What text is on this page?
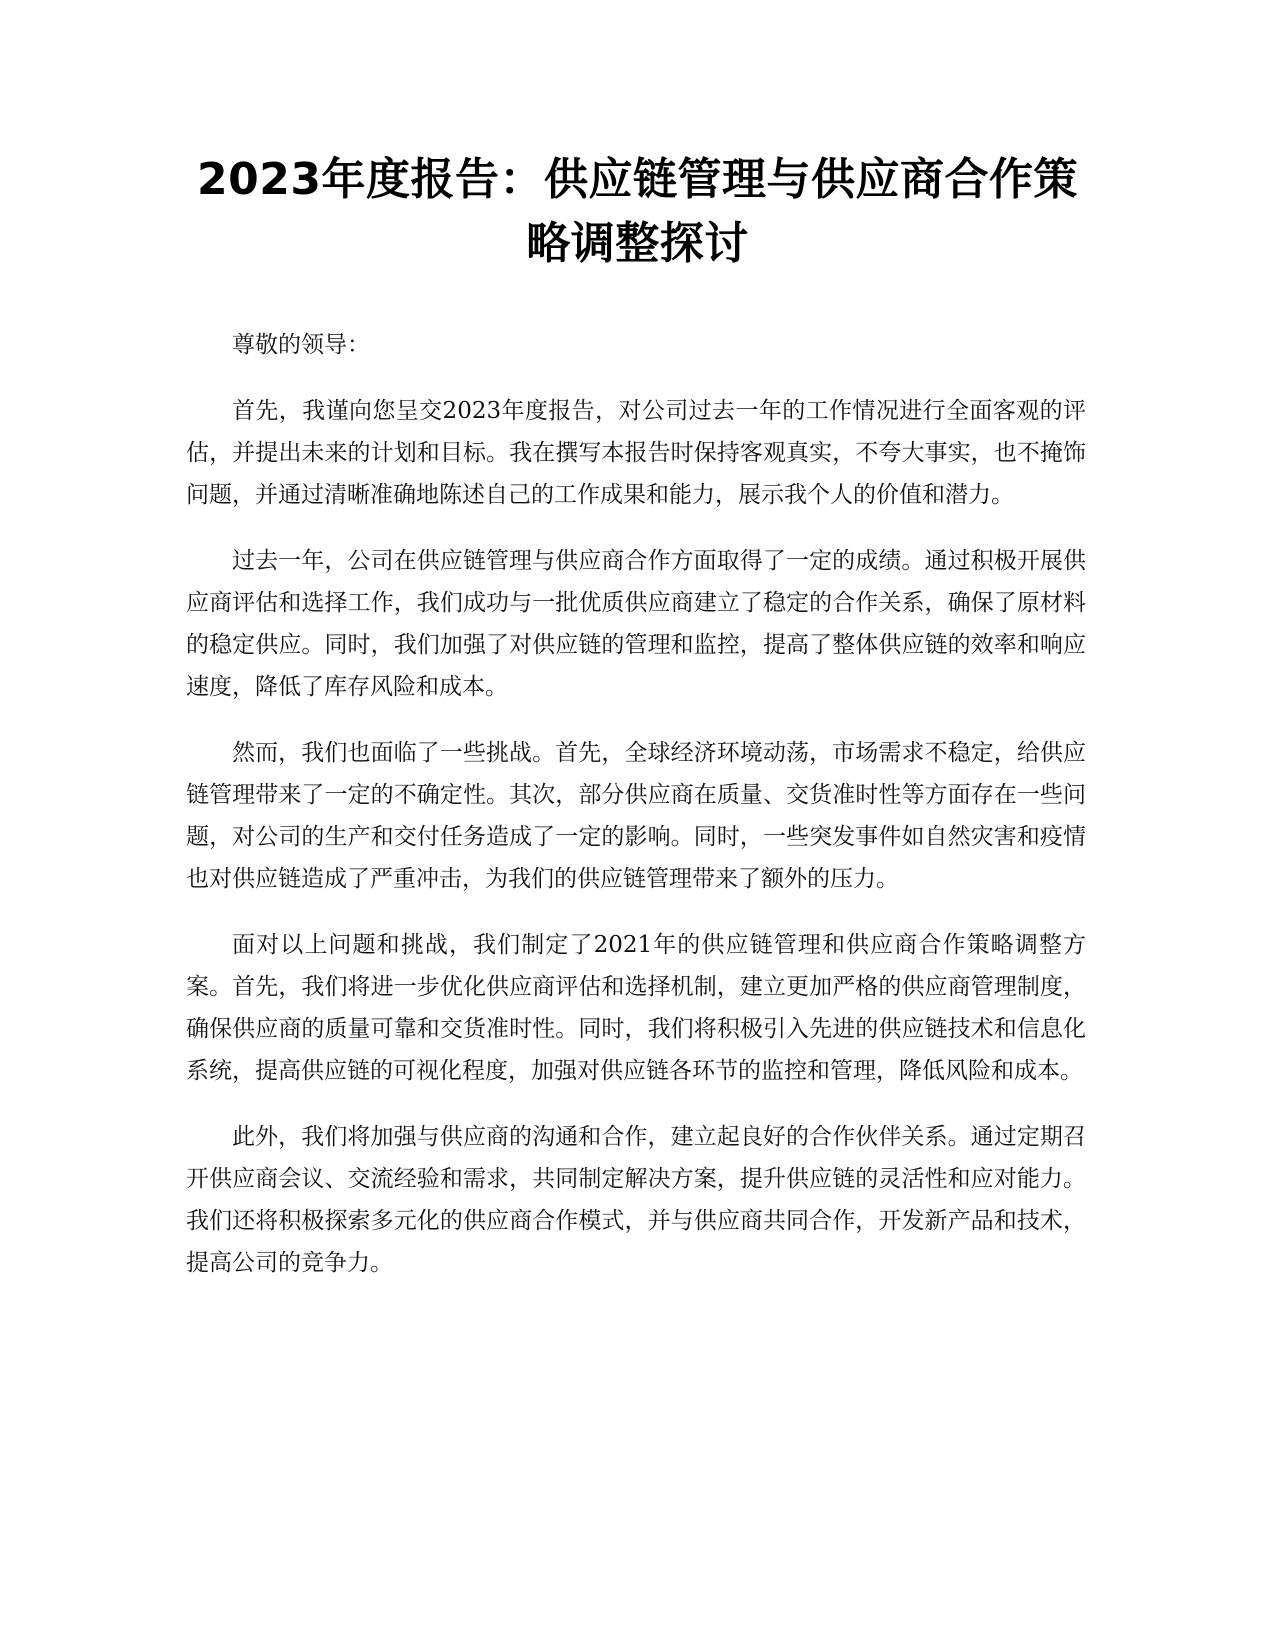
2023年度报告：供应链管理与供应商合作策略调整探讨

尊敬的领导：

首先，我谨向您呈交2023年度报告，对公司过去一年的工作情况进行全面客观的评估，并提出未来的计划和目标。我在撰写本报告时保持客观真实，不夸大事实，也不掩饰问题，并通过清晰准确地陈述自己的工作成果和能力，展示我个人的价值和潜力。

过去一年，公司在供应链管理与供应商合作方面取得了一定的成绩。通过积极开展供应商评估和选择工作，我们成功与一批优质供应商建立了稳定的合作关系，确保了原材料的稳定供应。同时，我们加强了对供应链的管理和监控，提高了整体供应链的效率和响应速度，降低了库存风险和成本。

然而，我们也面临了一些挑战。首先，全球经济环境动荡，市场需求不稳定，给供应链管理带来了一定的不确定性。其次，部分供应商在质量、交货准时性等方面存在一些问题，对公司的生产和交付任务造成了一定的影响。同时，一些突发事件如自然灾害和疫情也对供应链造成了严重冲击，为我们的供应链管理带来了额外的压力。

面对以上问题和挑战，我们制定了2021年的供应链管理和供应商合作策略调整方案。首先，我们将进一步优化供应商评估和选择机制，建立更加严格的供应商管理制度，确保供应商的质量可靠和交货准时性。同时，我们将积极引入先进的供应链技术和信息化系统，提高供应链的可视化程度，加强对供应链各环节的监控和管理，降低风险和成本。

此外，我们将加强与供应商的沟通和合作，建立起良好的合作伙伴关系。通过定期召开供应商会议、交流经验和需求，共同制定解决方案，提升供应链的灵活性和应对能力。我们还将积极探索多元化的供应商合作模式，并与供应商共同合作，开发新产品和技术，提高公司的竞争力。
